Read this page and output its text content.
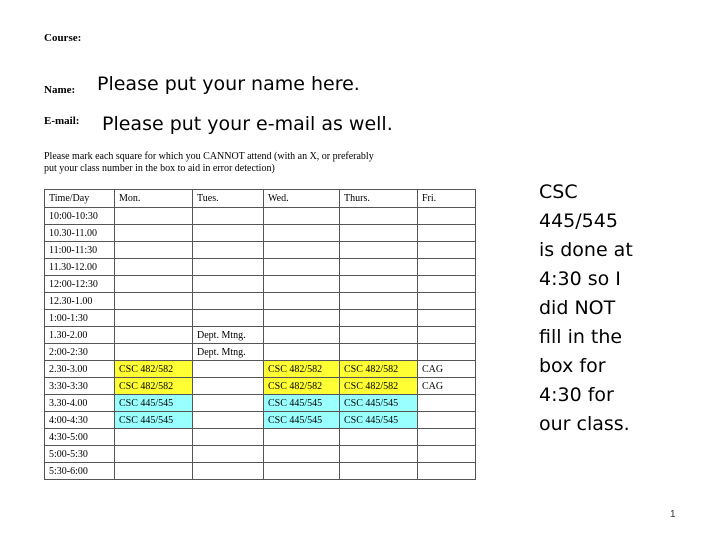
Course:
Name: Please put your name here.
E-mail: Please put your e-mail as well.
Please mark each square for which you CANNOT attend (with an X, or preferably
put your class number in the box to aid in error detection)
Time/Day	Mon.	Tues.	Wed.	Thurs.	Fri.
10:00-10:30					
10.30-11.00					
11:00-11:30					
11.30-12.00					
12:00-12:30					
12.30-1.00					
1:00-1:30					
1.30-2.00		Dept. Mtng.			
2:00-2:30		Dept. Mtng.			
2.30-3.00	CSC 482/582		CSC 482/582	CSC 482/582	CAG
3:30-3:30	CSC 482/582		CSC 482/582	CSC 482/582	CAG
3.30-4.00	CSC 445/545		CSC 445/545	CSC 445/545	
4:00-4:30	CSC 445/545		CSC 445/545	CSC 445/545	
4:30-5:00					
5:00-5:30					
5:30-6:00					
CSC
445/545
is done at
4:30 so I
did NOT
fill in the
box for
4:30 for
our class.
1
